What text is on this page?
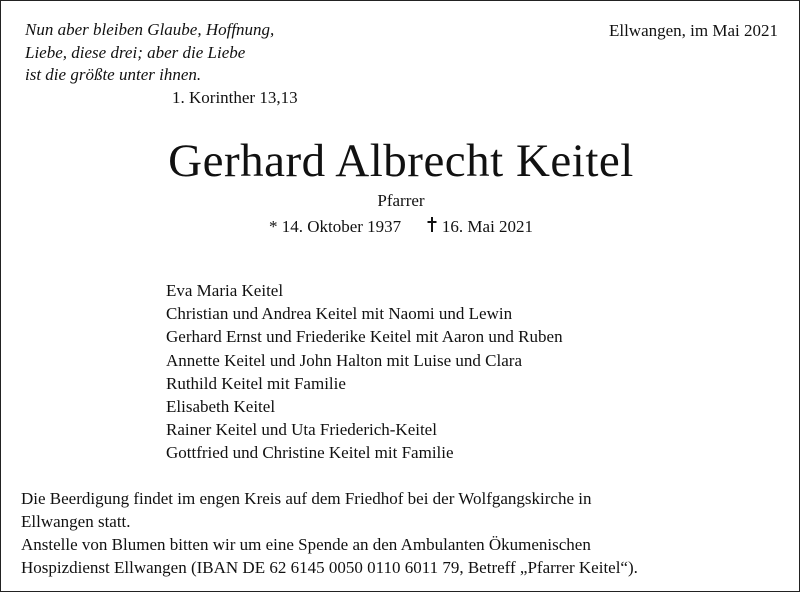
Nun aber bleiben Glaube, Hoffnung,
Liebe, diese drei; aber die Liebe
ist die größte unter ihnen.
1. Korinther 13,13
Ellwangen, im Mai 2021
Gerhard Albrecht Keitel
Pfarrer
* 14. Oktober 1937 16. Mai 2021
Eva Maria Keitel
Christian und Andrea Keitel mit Naomi und Lewin
Gerhard Ernst und Friederike Keitel mit Aaron und Ruben
Annette Keitel und John Halton mit Luise und Clara
Ruthild Keitel mit Familie
Elisabeth Keitel
Rainer Keitel und Uta Friederich-Keitel
Gottfried und Christine Keitel mit Familie
Die Beerdigung findet im engen Kreis auf dem Friedhof bei der Wolfgangskirche in
Ellwangen statt.
Anstelle von Blumen bitten wir um eine Spende an den Ambulanten Ökumenischen
Hospizdienst Ellwangen (IBAN DE 62 6145 0050 0110 6011 79, Betreff „Pfarrer Keitel“).
